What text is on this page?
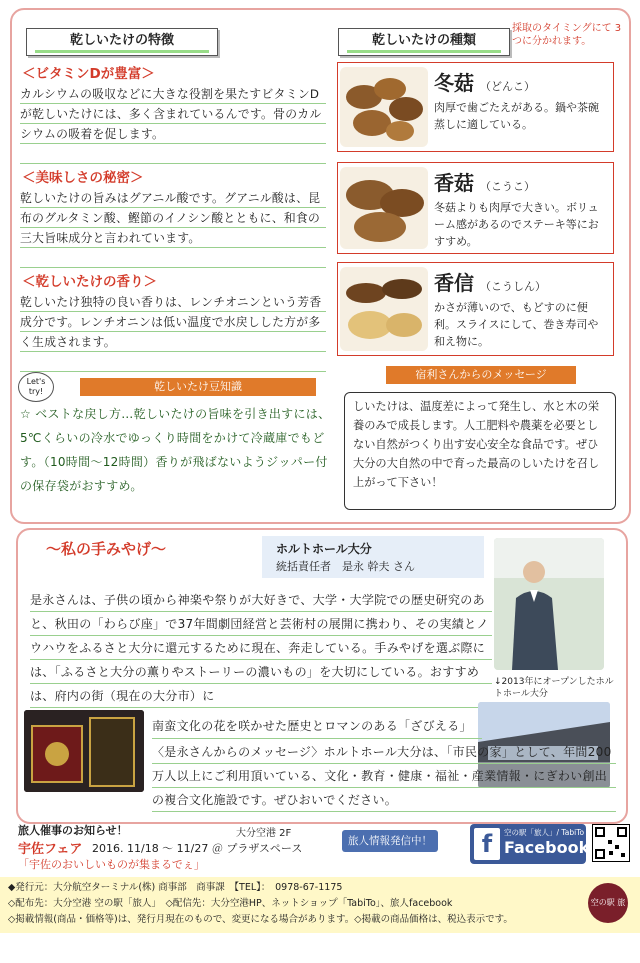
乾しいたけの特徴	乾しいたけの種類
採取のタイミングにて 3つに分かれます。
＜ビタミンDが豊富＞
カルシウムの吸収などに大きな役割を果たすビタミンDが乾しいたけには、多く含まれているんです。骨のカルシウムの吸着を促します。
＜美味しさの秘密＞
乾しいたけの旨みはグアニル酸です。グアニル酸は、昆布のグルタミン酸、鰹節のイノシン酸とともに、和食の三大旨味成分と言われています。
＜乾しいたけの香り＞
乾しいたけ独特の良い香りは、レンチオニンという芳香成分です。レンチオニンは低い温度で水戻しした方が多く生成されます。
Let's try!	乾しいたけ豆知識
☆ ベストな戻し方…乾しいたけの旨味を引き出すには、5℃くらいの冷水でゆっくり時間をかけて冷蔵庫でもどす。（10時間～12時間）香りが飛ばないようジッパー付の保存袋がおすすめ。
冬菇 （どんこ）
肉厚で歯ごたえがある。鍋や茶碗蒸しに適している。
香菇 （こうこ）
冬菇よりも肉厚で大きい。ボリューム感があるのでステーキ等におすすめ。
香信 （こうしん）
かさが薄いので、もどすのに便利。スライスにして、巻き寿司や和え物に。
宿利さんからのメッセージ
しいたけは、温度差によって発生し、水と木の栄養のみで成長します。人工肥料や農薬を必要としない自然がつくり出す安心安全な食品です。ぜひ大分の大自然の中で育った最高のしいたけを召し上がって下さい！
～私の手みやげ～	ホルトホール大分
統括責任者　是永 幹夫 さん
是永さんは、子供の頃から神楽や祭りが大好きで、大学・大学院での歴史研究のあと、秋田の「わらび座」で37年間劇団経営と芸術村の展開に携わり、その実績とノウハウをふるさと大分に還元するために現在、奔走している。手みやげを選ぶ際には、「ふるさと大分の薫りやストーリーの濃いもの」を大切にしている。おすすめは、府内の街（現在の大分市）に
↓2013年にオープンしたホルトホール大分
南蛮文化の花を咲かせた歴史とロマンのある「ざびえる」
〈是永さんからのメッセージ〉ホルトホール大分は、「市民の家」として、年間200万人以上にご利用頂いている、文化・教育・健康・福祉・産業情報・にぎわい創出の複合文化施設です。ぜひおいでください。
旅人催事のお知らせ！
宇佐フェア 2016. 11/18 ～ 11/27 ＠ プラザスペース
大分空港 2F
「宇佐のおいしいものが集まるでぇ」
旅人情報発信中！	f	空の駅「旅人」/ TabiTo
Facebook
◆発行元：大分航空ターミナル(株) 商事部　商事課　【TEL】：　0978-67-1175
◇配布先：大分空港 空の駅「旅人」　◇配信先：大分空港HP、ネットショップ「TabiTo」、旅人facebook
◇掲載情報(商品・価格等)は、発行月現在のもので、変更になる場合があります。◇掲載の商品価格は、税込表示です。
空の駅 旅人
